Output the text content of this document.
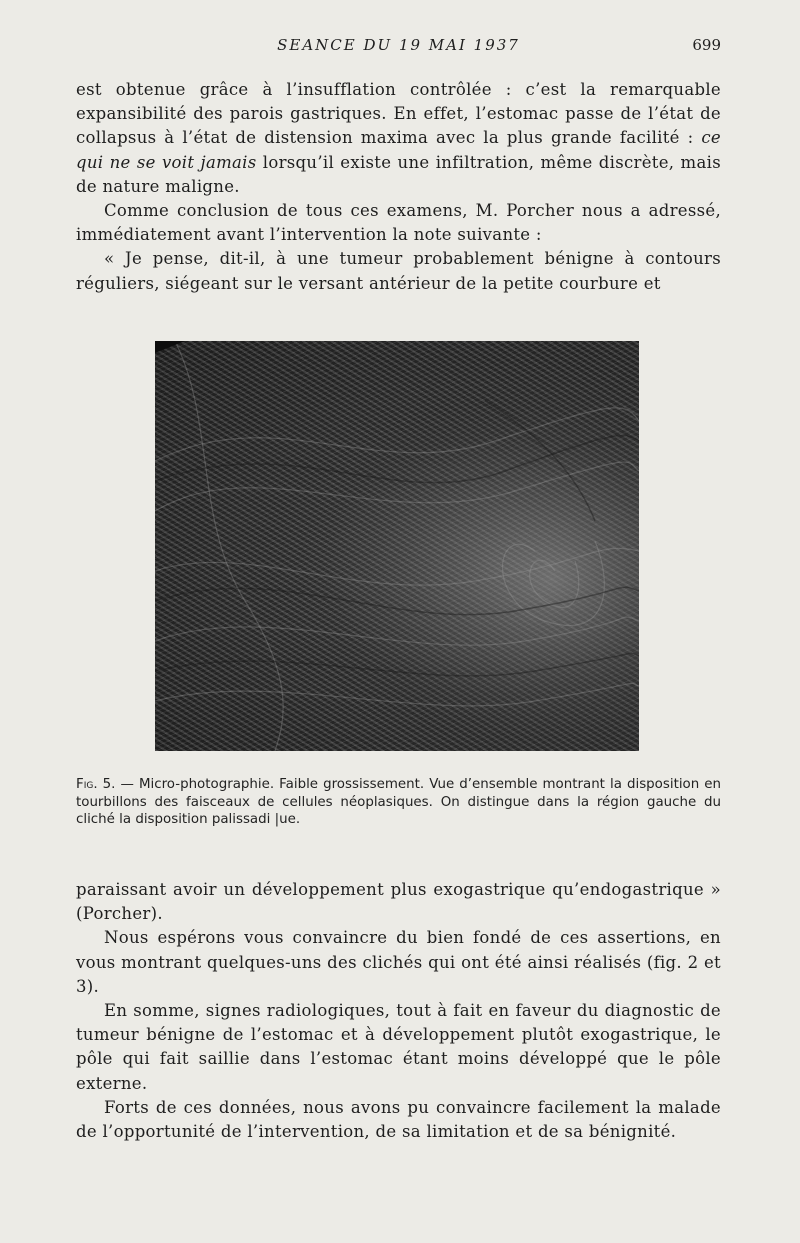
SEANCE DU 19 MAI 1937	699

est obtenue grâce à l’insufflation contrôlée : c’est la remarquable expansibilité des parois gastriques. En effet, l’estomac passe de l’état de collapsus à l’état de distension maxima avec la plus grande facilité : ce qui ne se voit jamais lorsqu’il existe une infiltration, même discrète, mais de nature maligne.

Comme conclusion de tous ces examens, M. Porcher nous a adressé, immédiatement avant l’intervention la note suivante :

« Je pense, dit-il, à une tumeur probablement bénigne à contours réguliers, siégeant sur le versant antérieur de la petite courbure et

Fig. 5. — Micro-photographie. Faible grossissement. Vue d’ensemble montrant la disposition en tourbillons des faisceaux de cellules néoplasiques. On distingue dans la région gauche du cliché la disposition palissadi |ue.

paraissant avoir un développement plus exogastrique qu’endogastrique » (Porcher).

Nous espérons vous convaincre du bien fondé de ces assertions, en vous montrant quelques-uns des clichés qui ont été ainsi réalisés (fig. 2 et 3).

En somme, signes radiologiques, tout à fait en faveur du diagnostic de tumeur bénigne de l’estomac et à développement plutôt exogastrique, le pôle qui fait saillie dans l’estomac étant moins développé que le pôle externe.

Forts de ces données, nous avons pu convaincre facilement la malade de l’opportunité de l’intervention, de sa limitation et de sa bénignité.
